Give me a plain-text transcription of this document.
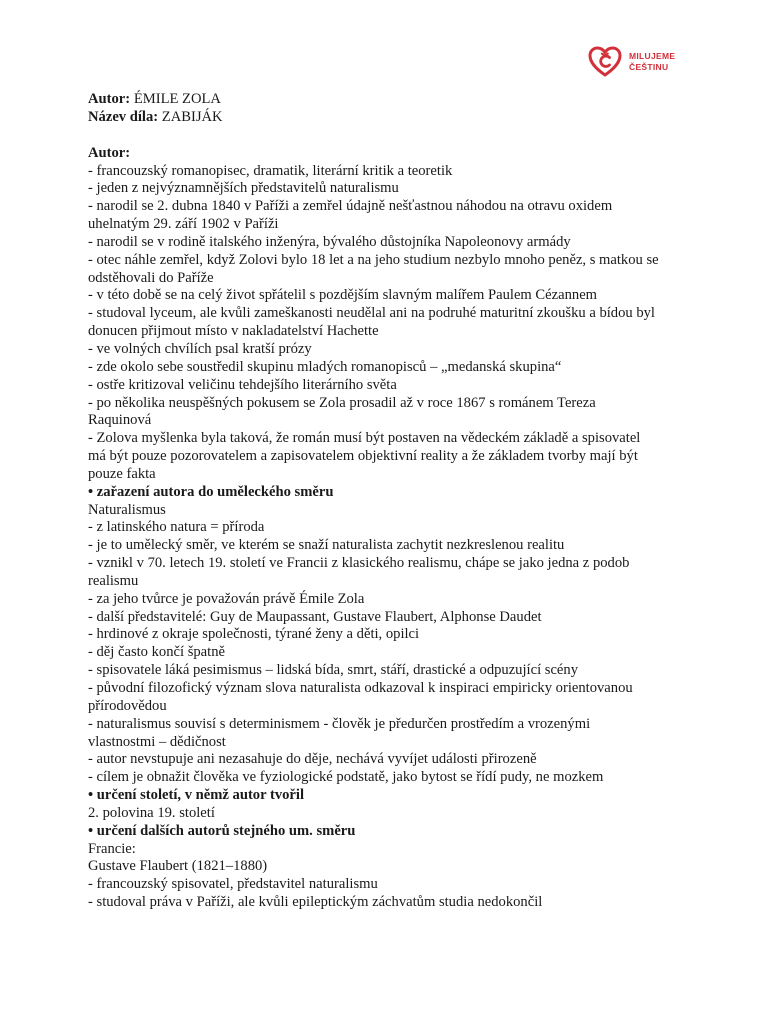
MILUJEME
ČEŠTINU

Autor: ÉMILE ZOLA

Název díla: ZABIJÁK

Autor:

- francouzský romanopisec, dramatik, literární kritik a teoretik

- jeden z nejvýznamnějších představitelů naturalismu

- narodil se 2. dubna 1840 v Paříži a zemřel údajně nešťastnou náhodou na otravu oxidem

uhelnatým 29. září 1902 v Paříži

- narodil se v rodině italského inženýra, bývalého důstojníka Napoleonovy armády

- otec náhle zemřel, když Zolovi bylo 18 let a na jeho studium nezbylo mnoho peněz, s matkou se

odstěhovali do Paříže

- v této době se na celý život spřátelil s pozdějším slavným malířem Paulem Cézannem

- studoval lyceum, ale kvůli zameškanosti neudělal ani na podruhé maturitní zkoušku a bídou byl

donucen přijmout místo v nakladatelství Hachette

- ve volných chvílích psal kratší prózy

- zde okolo sebe soustředil skupinu mladých romanopisců – „medanská skupina“

- ostře kritizoval veličinu tehdejšího literárního světa

- po několika neuspěšných pokusem se Zola prosadil až v roce 1867 s románem Tereza

Raquinová

- Zolova myšlenka byla taková, že román musí být postaven na vědeckém základě a spisovatel

má být pouze pozorovatelem a zapisovatelem objektivní reality a že základem tvorby mají být

pouze fakta

• zařazení autora do uměleckého směru

Naturalismus

- z latinského natura = příroda

- je to umělecký směr, ve kterém se snaží naturalista zachytit nezkreslenou realitu

- vznikl v 70. letech 19. století ve Francii z klasického realismu, chápe se jako jedna z podob

realismu

- za jeho tvůrce je považován právě Émile Zola

- další představitelé: Guy de Maupassant, Gustave Flaubert, Alphonse Daudet

- hrdinové z okraje společnosti, týrané ženy a děti, opilci

- děj často končí špatně

- spisovatele láká pesimismus – lidská bída, smrt, stáří, drastické a odpuzující scény

- původní filozofický význam slova naturalista odkazoval k inspiraci empiricky orientovanou

přírodovědou

- naturalismus souvisí s determinismem - člověk je předurčen prostředím a vrozenými

vlastnostmi – dědičnost

- autor nevstupuje ani nezasahuje do děje, nechává vyvíjet události přirozeně

- cílem je obnažit člověka ve fyziologické podstatě, jako bytost se řídí pudy, ne mozkem

• určení století, v němž autor tvořil

2. polovina 19. století

• určení dalších autorů stejného um. směru

Francie:

Gustave Flaubert (1821–1880)

- francouzský spisovatel, představitel naturalismu

- studoval práva v Paříži, ale kvůli epileptickým záchvatům studia nedokončil
